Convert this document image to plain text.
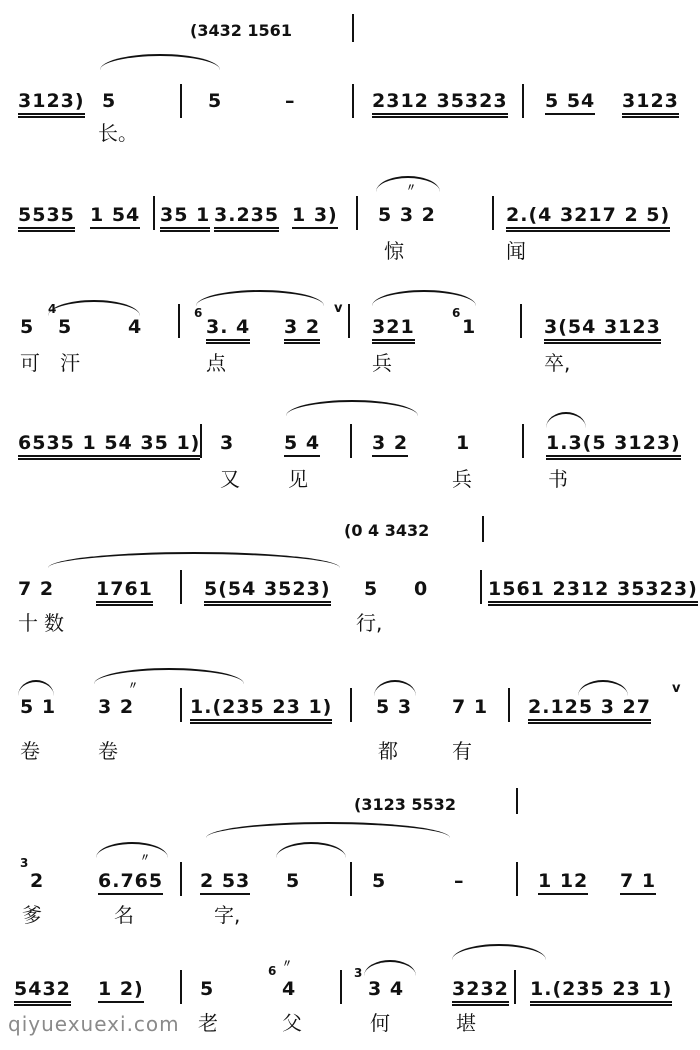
(3432 1561
3123) 5	5	–	2312 35323 5 54 3123
长。
5535 1 54 35 1 3.235 1 3)
〃
5 3 2	2.(4 3217 2 5)
惊	闻
4
5 5	4
6
3. 4 3 2
v
321
6
1	3(54 3123
可 汗	点	兵	卒,
6535 1 54 35 1) 3	5 4	3 2	1	1.3(5 3123)
又 见	兵	书
(0 4 3432
7 2 1761	5(54 3523) 5 0	1561 2312 35323)
十 数	行,
〃
5 1 3 2	1.(235 23 1) 5 3 7 1 2.125 3 27
v
卷	卷	都	有
(3123 5532
3
2
〃
6.765 2 53 5	5	–	1 12 7 1
爹	名	字,
5432 1 2)	5
6 〃
4
3
3 4	3232 1.(235 23 1)
老	父	何	堪
qiyuexuexi.com
